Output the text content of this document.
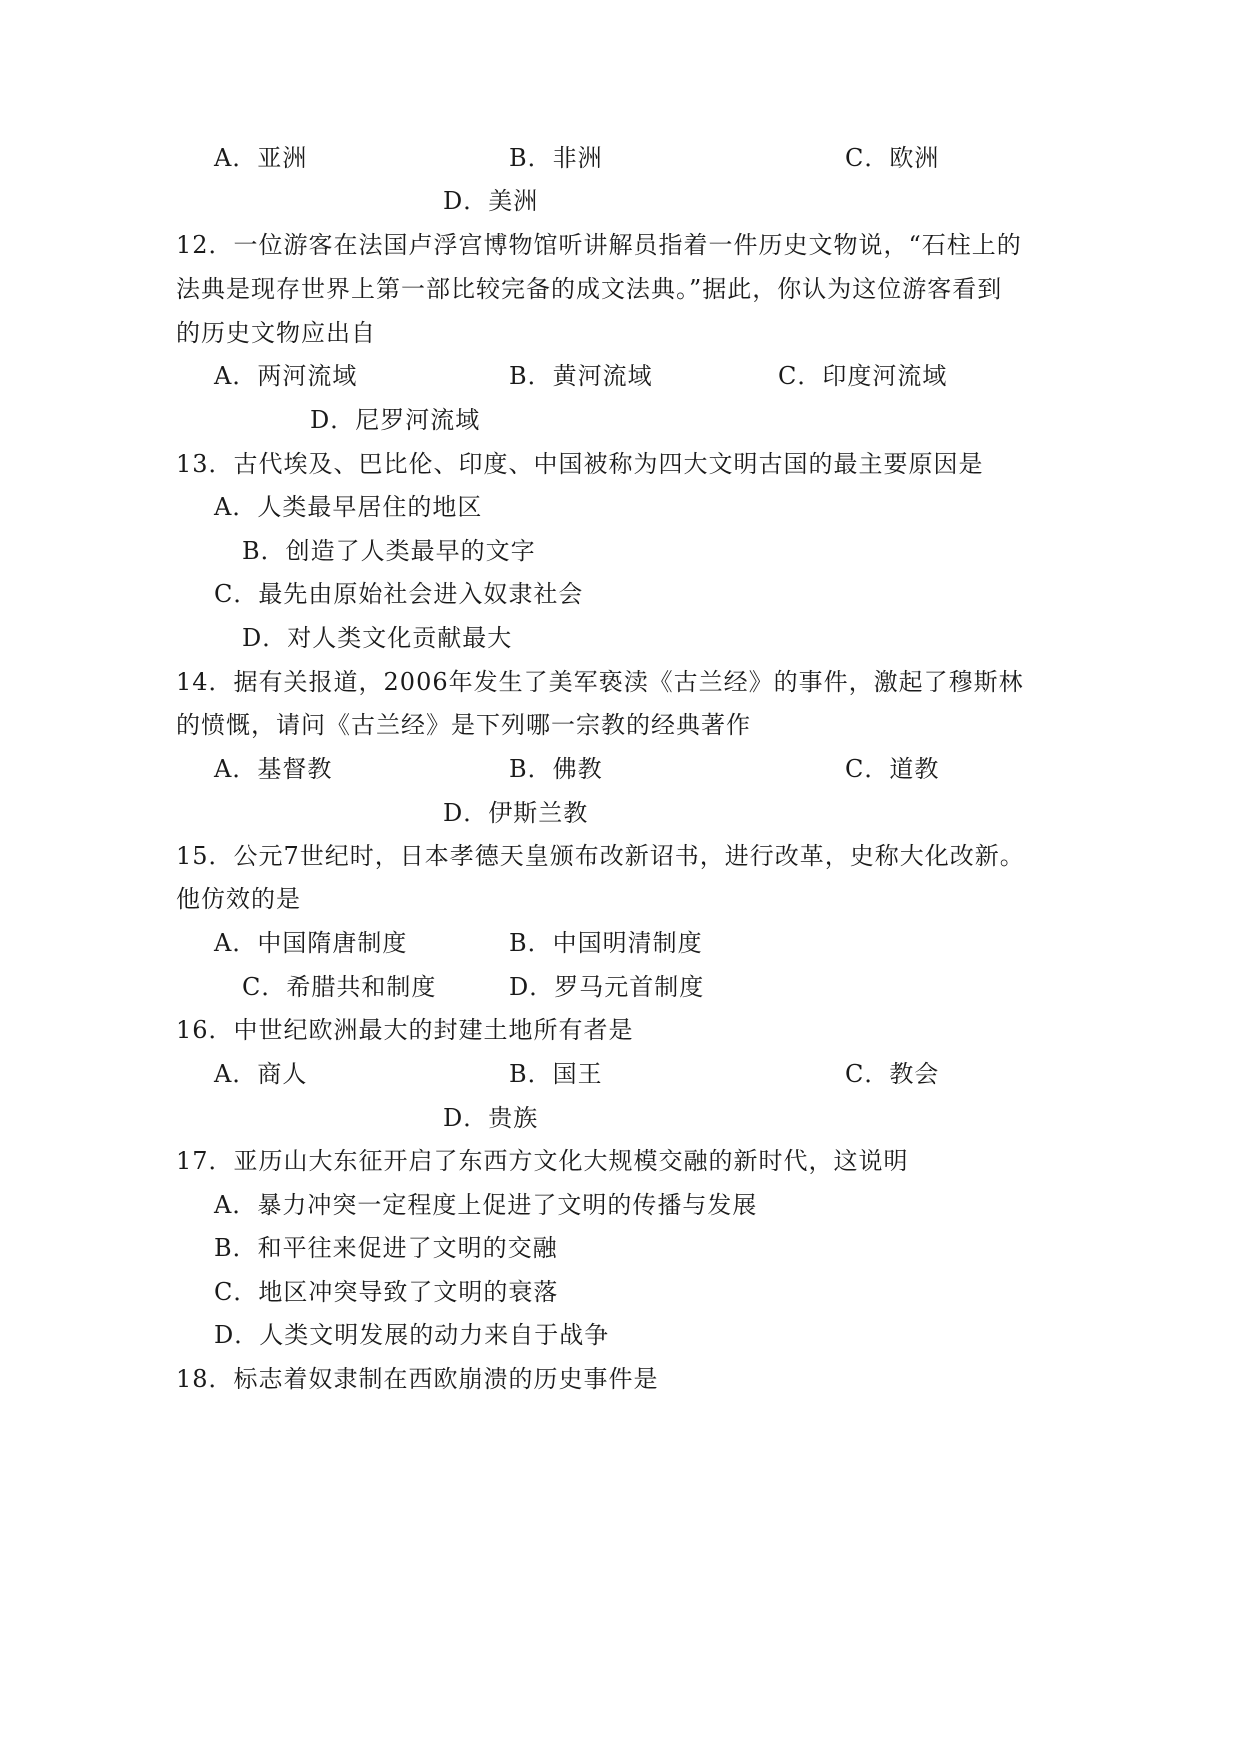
A．亚洲	B．非洲	C．欧洲
D．美洲
12．一位游客在法国卢浮宫博物馆听讲解员指着一件历史文物说，“石柱上的
法典是现存世界上第一部比较完备的成文法典。”据此，你认为这位游客看到
的历史文物应出自
A．两河流域	B．黄河流域	C．印度河流域
D．尼罗河流域
13．古代埃及、巴比伦、印度、中国被称为四大文明古国的最主要原因是
A．人类最早居住的地区
B．创造了人类最早的文字
C．最先由原始社会进入奴隶社会
D．对人类文化贡献最大
14．据有关报道，2006年发生了美军亵渎《古兰经》的事件，激起了穆斯林
的愤慨，请问《古兰经》是下列哪一宗教的经典著作
A．基督教	B．佛教	C．道教
D．伊斯兰教
15．公元7世纪时，日本孝德天皇颁布改新诏书，进行改革，史称大化改新。
他仿效的是
A．中国隋唐制度	B．中国明清制度
C．希腊共和制度	D．罗马元首制度
16．中世纪欧洲最大的封建土地所有者是
A．商人	B．国王	C．教会
D．贵族
17．亚历山大东征开启了东西方文化大规模交融的新时代，这说明
A．暴力冲突一定程度上促进了文明的传播与发展
B．和平往来促进了文明的交融
C．地区冲突导致了文明的衰落
D．人类文明发展的动力来自于战争
18．标志着奴隶制在西欧崩溃的历史事件是
